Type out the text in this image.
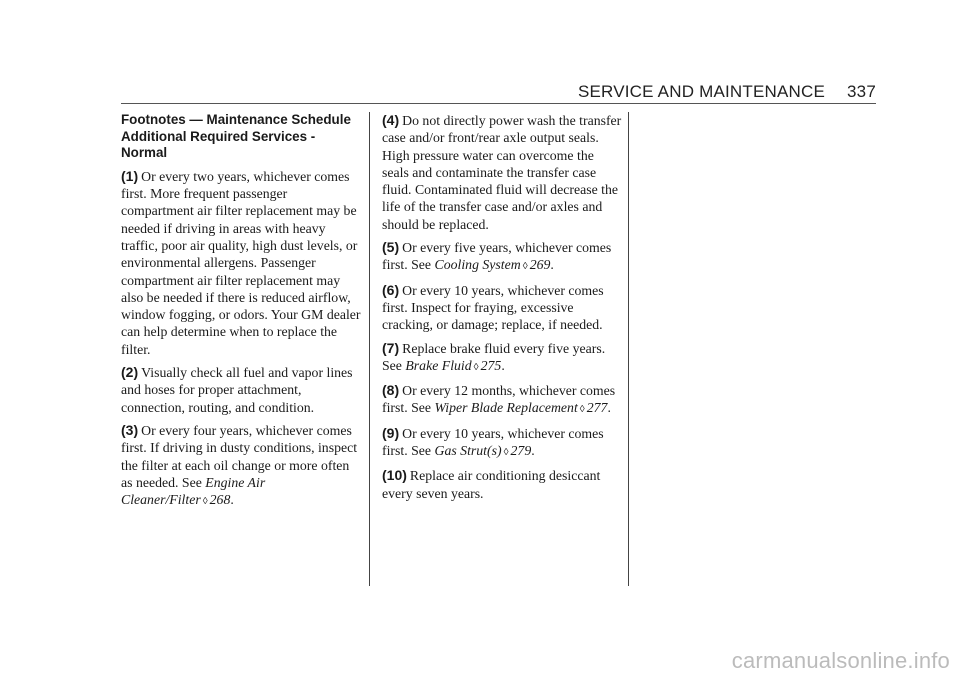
SERVICE AND MAINTENANCE 337
Footnotes — Maintenance Schedule Additional Required Services - Normal
(1) Or every two years, whichever comes first. More frequent passenger compartment air filter replacement may be needed if driving in areas with heavy traffic, poor air quality, high dust levels, or environmental allergens. Passenger compartment air filter replacement may also be needed if there is reduced airflow, window fogging, or odors. Your GM dealer can help determine when to replace the filter.
(2) Visually check all fuel and vapor lines and hoses for proper attachment, connection, routing, and condition.
(3) Or every four years, whichever comes first. If driving in dusty conditions, inspect the filter at each oil change or more often as needed. See Engine Air Cleaner/Filter ◊ 268.
(4) Do not directly power wash the transfer case and/or front/rear axle output seals. High pressure water can overcome the seals and contaminate the transfer case fluid. Contaminated fluid will decrease the life of the transfer case and/or axles and should be replaced.
(5) Or every five years, whichever comes first. See Cooling System ◊ 269.
(6) Or every 10 years, whichever comes first. Inspect for fraying, excessive cracking, or damage; replace, if needed.
(7) Replace brake fluid every five years. See Brake Fluid ◊ 275.
(8) Or every 12 months, whichever comes first. See Wiper Blade Replacement ◊ 277.
(9) Or every 10 years, whichever comes first. See Gas Strut(s) ◊ 279.
(10) Replace air conditioning desiccant every seven years.
carmanualsonline.info
